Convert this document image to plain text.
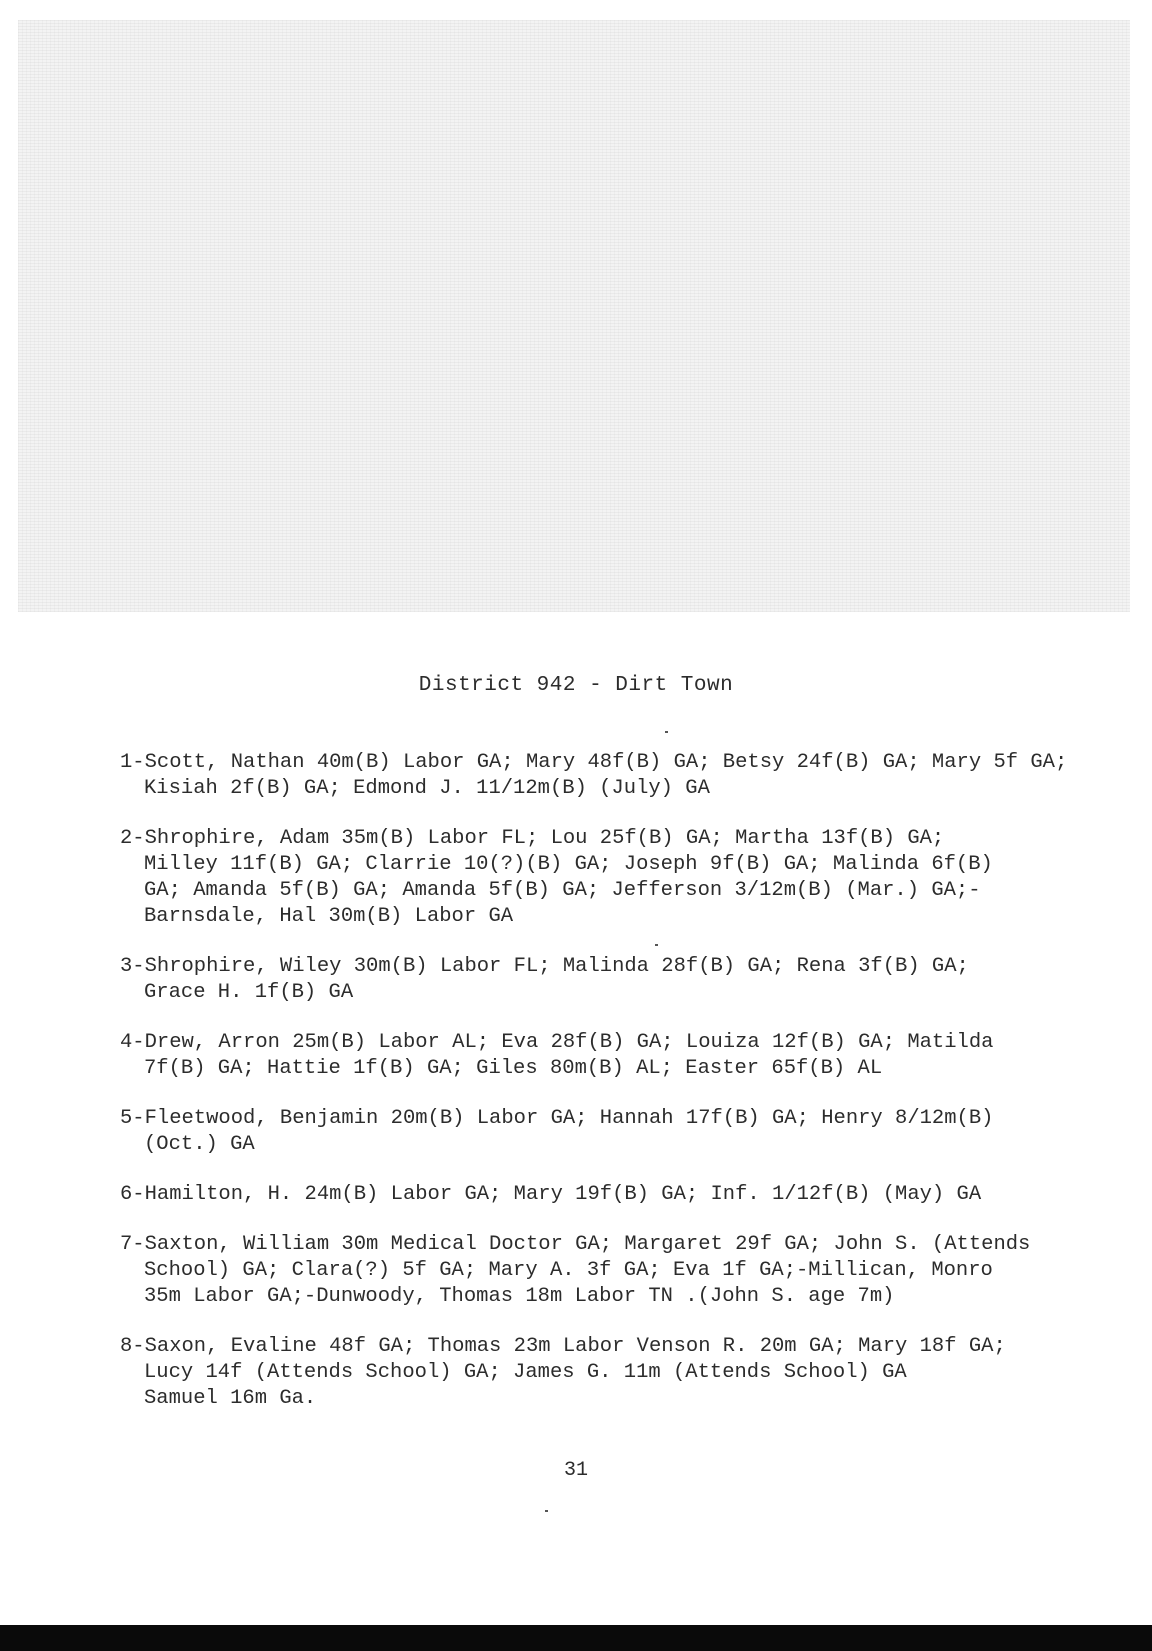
District 942 - Dirt Town
1-Scott, Nathan 40m(B) Labor GA; Mary 48f(B) GA; Betsy 24f(B) GA; Mary 5f GA;
Kisiah 2f(B) GA; Edmond J. 11/12m(B) (July) GA
2-Shrophire, Adam 35m(B) Labor FL; Lou 25f(B) GA; Martha 13f(B) GA;
Milley 11f(B) GA; Clarrie 10(?)(B) GA; Joseph 9f(B) GA; Malinda 6f(B)
GA; Amanda 5f(B) GA; Amanda 5f(B) GA; Jefferson 3/12m(B) (Mar.) GA;-
Barnsdale, Hal 30m(B) Labor GA
3-Shrophire, Wiley 30m(B) Labor FL; Malinda 28f(B) GA; Rena 3f(B) GA;
Grace H. 1f(B) GA
4-Drew, Arron 25m(B) Labor AL; Eva 28f(B) GA; Louiza 12f(B) GA; Matilda
7f(B) GA; Hattie 1f(B) GA; Giles 80m(B) AL; Easter 65f(B) AL
5-Fleetwood, Benjamin 20m(B) Labor GA; Hannah 17f(B) GA; Henry 8/12m(B)
(Oct.) GA
6-Hamilton, H. 24m(B) Labor GA; Mary 19f(B) GA; Inf. 1/12f(B) (May) GA
7-Saxton, William 30m Medical Doctor GA; Margaret 29f GA; John S. (Attends
School) GA; Clara(?) 5f GA; Mary A. 3f GA; Eva 1f GA;-Millican, Monro
35m Labor GA;-Dunwoody, Thomas 18m Labor TN .(John S. age 7m)
8-Saxon, Evaline 48f GA; Thomas 23m Labor Venson R. 20m GA; Mary 18f GA;
Lucy 14f (Attends School) GA; James G. 11m (Attends School) GA
Samuel 16m Ga.
31
